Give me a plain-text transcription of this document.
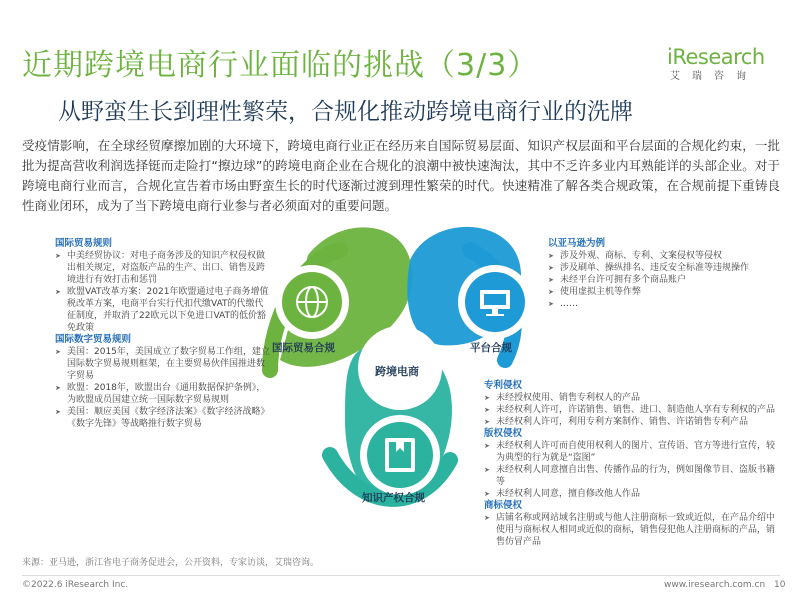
近期跨境电商行业面临的挑战（3/3）
从野蛮生长到理性繁荣，合规化推动跨境电商行业的洗牌
iResearch
艾瑞咨询
受疫情影响，在全球经贸摩擦加剧的大环境下，跨境电商行业正在经历来自国际贸易层面、知识产权层面和平台层面的合规化约束，一批批为提高营收利润选择铤而走险打“擦边球”的跨境电商企业在合规化的浪潮中被快速淘汰，其中不乏许多业内耳熟能详的头部企业。对于跨境电商行业而言，合规化宣告着市场由野蛮生长的时代逐渐过渡到理性繁荣的时代。快速精准了解各类合规政策，在合规前提下重铸良性商业闭环，成为了当下跨境电商行业参与者必须面对的重要问题。
国际贸易合规	平台合规
知识产权合规
跨境电商
国际贸易规则
➤ 中美经贸协议：对电子商务涉及的知识产权侵权做出相关规定，对盗版产品的生产、出口、销售及跨境进行有效打击和惩罚
➤ 欧盟VAT改革方案：2021年欧盟通过电子商务增值税改革方案，电商平台实行代扣代缴VAT的代缴代征制度，并取消了22欧元以下免进口VAT的低价豁免政策
国际数字贸易规则
➤ 美国：2015年，美国成立了数字贸易工作组，建立国际数字贸易规则框架，在主要贸易伙伴国推进数字贸易
➤ 欧盟：2018年，欧盟出台《通用数据保护条例》，为欧盟成员国建立统一国际数字贸易规则
➤ 美国：顺应美国《数字经济法案》《数字经济战略》《数字先锋》等战略推行数字贸易
以亚马逊为例
➤ 涉及外观、商标、专利、文案侵权等侵权
➤ 涉及刷单、操纵排名、违反安全标准等违规操作
➤ 未经平台许可拥有多个商品账户
➤ 使用虚拟主机等作弊
➤ ……
专利侵权
➤ 未经授权使用、销售专利权人的产品
➤ 未经权利人许可，许诺销售、销售、进口、制造他人享有专利权的产品
➤ 未经权利人许可，利用专利方案制作、销售、许诺销售专利产品
版权侵权
➤ 未经权利人许可而自使用权利人的图片、宣传语、官方等进行宣传，较为典型的行为就是“盗图”
➤ 未经权利人同意擅自出售、传播作品的行为，例如图像节目、盗版书籍等
➤ 未经权利人同意，擅自修改他人作品
商标侵权
➤ 店铺名称或网站域名注册或与他人注册商标一致或近似，在产品介绍中使用与商标权人相同或近似的商标，销售侵犯他人注册商标的产品，销售仿冒产品
来源：亚马逊，浙江省电子商务促进会，公开资料，专家访谈，艾瑞咨询。
©2022.6 iResearch Inc.	www.iresearch.com.cn 10
